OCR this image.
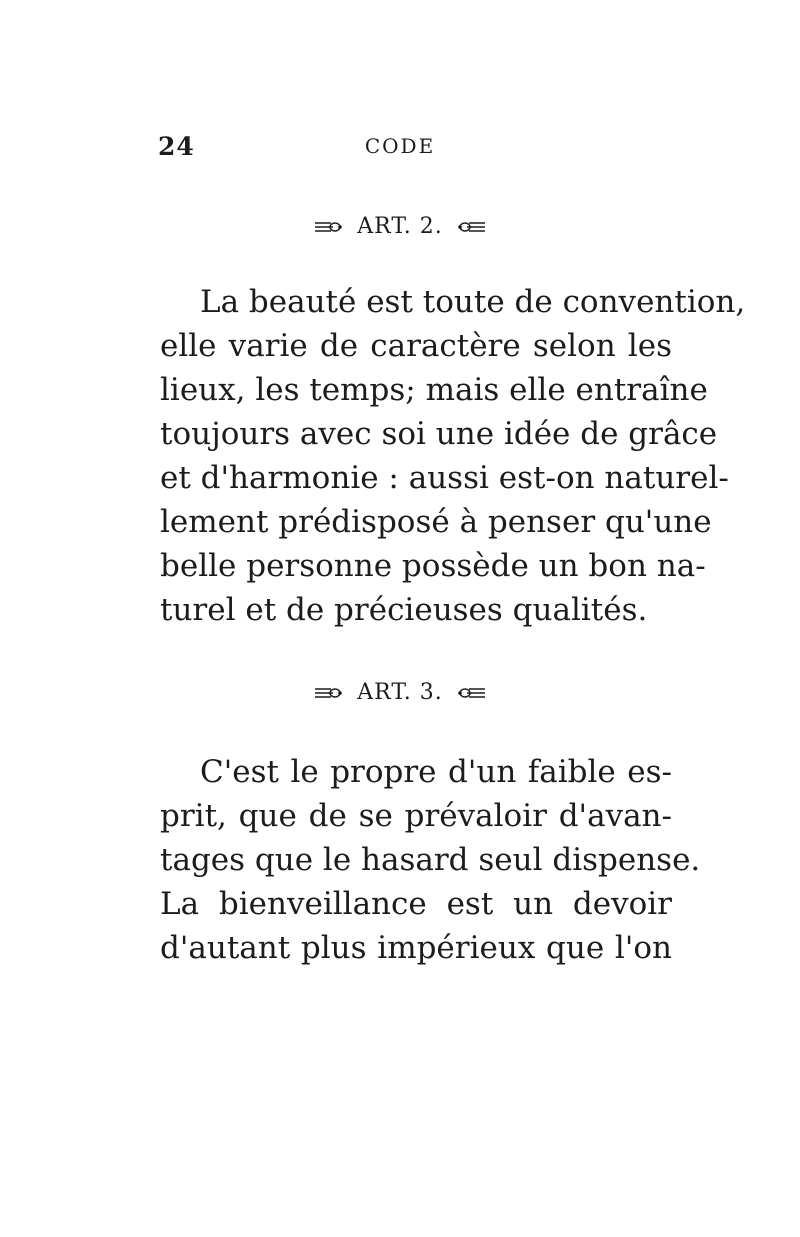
24	CODE
ART. 2.
La beauté est toute de convention,
elle varie de caractère selon les
lieux, les temps; mais elle entraîne
toujours avec soi une idée de grâce
et d'harmonie : aussi est-on naturel-
lement prédisposé à penser qu'une
belle personne possède un bon na-
turel et de précieuses qualités.
ART. 3.
C'est le propre d'un faible es-
prit, que de se prévaloir d'avan-
tages que le hasard seul dispense.
La bienveillance est un devoir
d'autant plus impérieux que l'on
